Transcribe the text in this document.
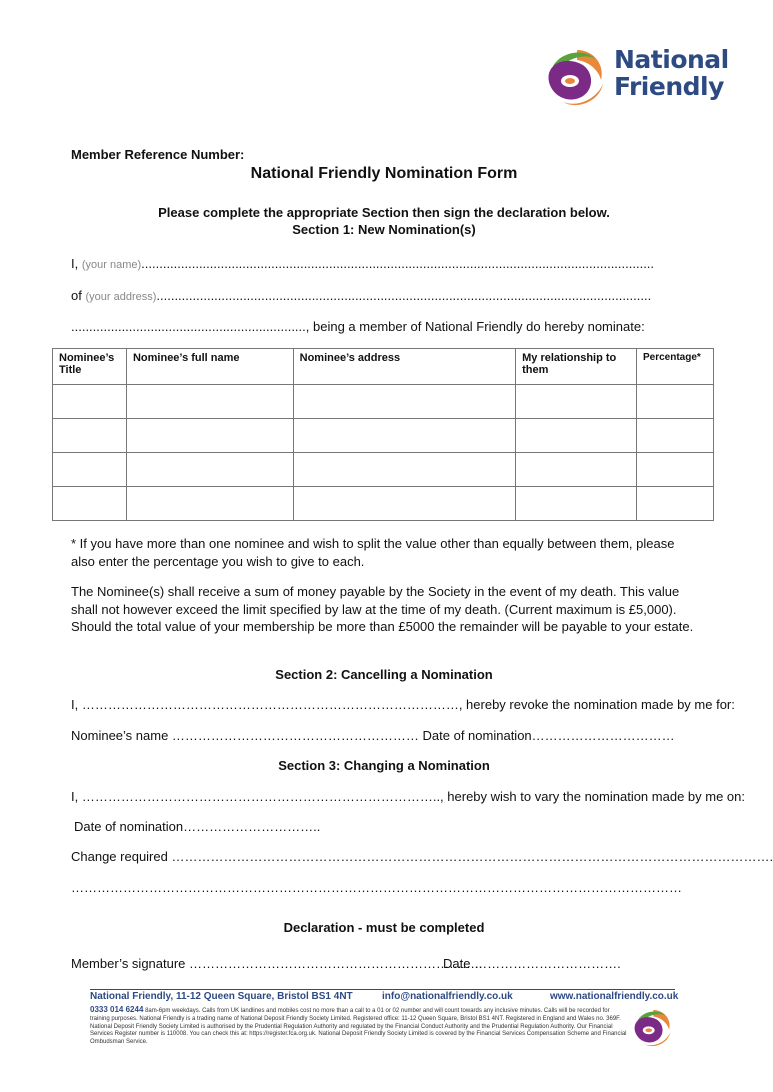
National
Friendly
Member Reference Number:
National Friendly Nomination Form
Please complete the appropriate Section then sign the declaration below.
Section 1: New Nomination(s)
I, (your name)..............................................................................................................................................
of (your address).........................................................................................................................................
................................................................., being a member of National Friendly do hereby nominate:
Nominee’s Title	Nominee’s full name	Nominee’s address	My relationship to them	Percentage*

* If you have more than one nominee and wish to split the value other than equally between them, please also enter the percentage you wish to give to each.
The Nominee(s) shall receive a sum of money payable by the Society in the event of my death. This value shall not however exceed the limit specified by law at the time of my death. (Current maximum is £5,000). Should the total value of your membership be more than £5000 the remainder will be payable to your estate.
Section 2: Cancelling a Nomination
I, ……………………………………………………………………………, hereby revoke the nomination made by me for:
Nominee’s name ………………………………………………… Date of nomination……………………………
Section 3: Changing a Nomination
I, ……………………………………………………………………….., hereby wish to vary the nomination made by me on:
Date of nomination…………………………..
Change required ………………………………………………………………………………………………………………………….
……………………………………………………………………………………………………………………………
Declaration - must be completed
Member’s signature …………………………………………………………..
Date …………………………….
National Friendly, 11-12 Queen Square, Bristol BS1 4NT	info@nationalfriendly.co.uk	www.nationalfriendly.co.uk
0333 014 6244 8am-6pm weekdays. Calls from UK landlines and mobiles cost no more than a call to a 01 or 02 number and will count towards any inclusive minutes. Calls will be recorded for training purposes. National Friendly is a trading name of National Deposit Friendly Society Limited. Registered office: 11-12 Queen Square, Bristol BS1 4NT. Registered in England and Wales no. 369F. National Deposit Friendly Society Limited is authorised by the Prudential Regulation Authority and regulated by the Financial Conduct Authority and the Prudential Regulation Authority. Our Financial Services Register number is 110008. You can check this at: https://register.fca.org.uk. National Deposit Friendly Society Limited is covered by the Financial Services Compensation Scheme and Financial Ombudsman Service.
